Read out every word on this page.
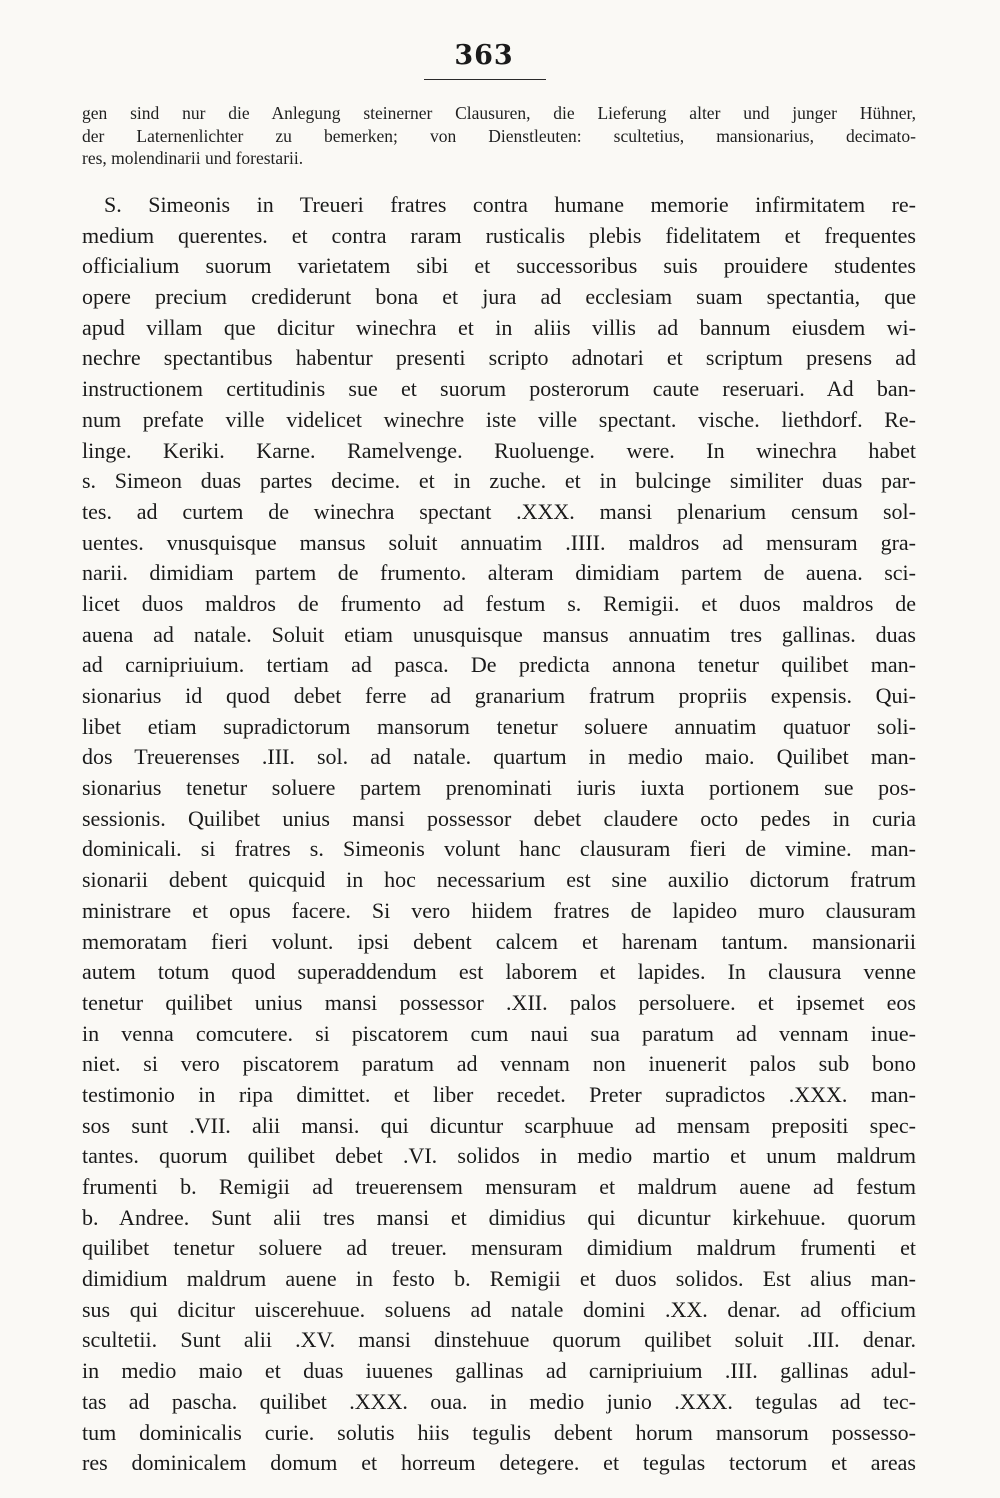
363
gen sind nur die Anlegung steinerner Clausuren, die Lieferung alter und junger Hühner,
der Laternenlichter zu bemerken; von Dienstleuten: scultetius, mansionarius, decimato-
res, molendinarii und forestarii.
S. Simeonis in Treueri fratres contra humane memorie infirmitatem re-
medium querentes. et contra raram rusticalis plebis fidelitatem et frequentes
officialium suorum varietatem sibi et successoribus suis prouidere studentes
opere precium crediderunt bona et jura ad ecclesiam suam spectantia, que
apud villam que dicitur winechra et in aliis villis ad bannum eiusdem wi-
nechre spectantibus habentur presenti scripto adnotari et scriptum presens ad
instructionem certitudinis sue et suorum posterorum caute reseruari. Ad ban-
num prefate ville videlicet winechre iste ville spectant. vische. liethdorf. Re-
linge. Keriki. Karne. Ramelvenge. Ruoluenge. were. In winechra habet
s. Simeon duas partes decime. et in zuche. et in bulcinge similiter duas par-
tes. ad curtem de winechra spectant .XXX. mansi plenarium censum sol-
uentes. vnusquisque mansus soluit annuatim .IIII. maldros ad mensuram gra-
narii. dimidiam partem de frumento. alteram dimidiam partem de auena. sci-
licet duos maldros de frumento ad festum s. Remigii. et duos maldros de
auena ad natale. Soluit etiam unusquisque mansus annuatim tres gallinas. duas
ad carnipriuium. tertiam ad pasca. De predicta annona tenetur quilibet man-
sionarius id quod debet ferre ad granarium fratrum propriis expensis. Qui-
libet etiam supradictorum mansorum tenetur soluere annuatim quatuor soli-
dos Treuerenses .III. sol. ad natale. quartum in medio maio. Quilibet man-
sionarius tenetur soluere partem prenominati iuris iuxta portionem sue pos-
sessionis. Quilibet unius mansi possessor debet claudere octo pedes in curia
dominicali. si fratres s. Simeonis volunt hanc clausuram fieri de vimine. man-
sionarii debent quicquid in hoc necessarium est sine auxilio dictorum fratrum
ministrare et opus facere. Si vero hiidem fratres de lapideo muro clausuram
memoratam fieri volunt. ipsi debent calcem et harenam tantum. mansionarii
autem totum quod superaddendum est laborem et lapides. In clausura venne
tenetur quilibet unius mansi possessor .XII. palos persoluere. et ipsemet eos
in venna comcutere. si piscatorem cum naui sua paratum ad vennam inue-
niet. si vero piscatorem paratum ad vennam non inuenerit palos sub bono
testimonio in ripa dimittet. et liber recedet. Preter supradictos .XXX. man-
sos sunt .VII. alii mansi. qui dicuntur scarphuue ad mensam prepositi spec-
tantes. quorum quilibet debet .VI. solidos in medio martio et unum maldrum
frumenti b. Remigii ad treuerensem mensuram et maldrum auene ad festum
b. Andree. Sunt alii tres mansi et dimidius qui dicuntur kirkehuue. quorum
quilibet tenetur soluere ad treuer. mensuram dimidium maldrum frumenti et
dimidium maldrum auene in festo b. Remigii et duos solidos. Est alius man-
sus qui dicitur uiscerehuue. soluens ad natale domini .XX. denar. ad officium
scultetii. Sunt alii .XV. mansi dinstehuue quorum quilibet soluit .III. denar.
in medio maio et duas iuuenes gallinas ad carnipriuium .III. gallinas adul-
tas ad pascha. quilibet .XXX. oua. in medio junio .XXX. tegulas ad tec-
tum dominicalis curie. solutis hiis tegulis debent horum mansorum possesso-
res dominicalem domum et horreum detegere. et tegulas tectorum et areas
